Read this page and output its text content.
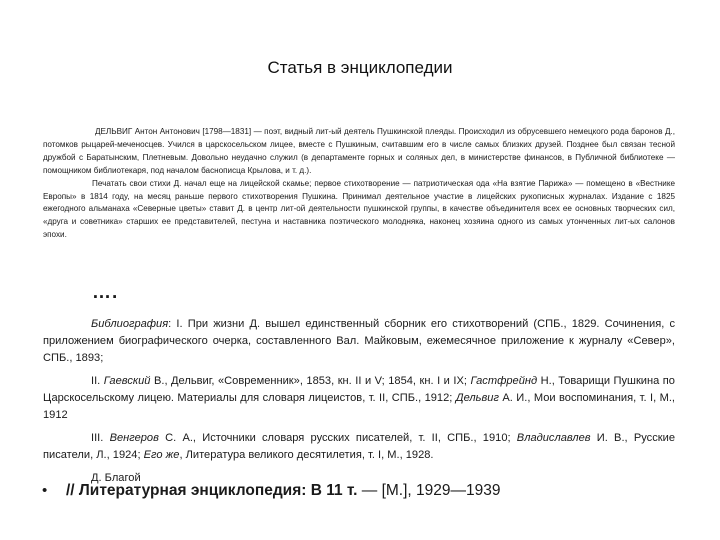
Статья в энциклопедии

ДЕЛЬВИГ Антон Антонович [1798—1831] — поэт, видный лит-ый деятель Пушкинской плеяды. Происходил из обрусевшего немецкого рода баронов Д., потомков рыцарей-меченосцев. Учился в царскосельском лицее, вместе с Пушкиным, считавшим его в числе самых близких друзей. Позднее был связан тесной дружбой с Баратынским, Плетневым. Довольно неудачно служил (в департаменте горных и соляных дел, в министерстве финансов, в Публичной библиотеке — помощником библиотекаря, под началом баснописца Крылова, и т. д.).

Печатать свои стихи Д. начал еще на лицейской скамье; первое стихотворение — патриотическая ода «На взятие Парижа» — помещено в «Вестнике Европы» в 1814 году, на месяц раньше первого стихотворения Пушкина. Принимал деятельное участие в лицейских рукописных журналах. Издание с 1825 ежегодного альманаха «Северные цветы» ставит Д. в центр лит-ой деятельности пушкинской группы, в качестве объединителя всех ее основных творческих сил, «друга и советника» старших ее представителей, пестуна и наставника поэтического молодняка, наконец хозяина одного из самых утонченных лит-ых салонов эпохи.

….

Библиография: I. При жизни Д. вышел единственный сборник его стихотворений (СПБ., 1829. Сочинения, с приложением биографического очерка, составленного Вал. Майковым, ежемесячное приложение к журналу «Север», СПБ., 1893;

II. Гаевский В., Дельвиг, «Современник», 1853, кн. II и V; 1854, кн. I и IX; Гастфрейнд Н., Товарищи Пушкина по Царскосельскому лицею. Материалы для словаря лицеистов, т. II, СПБ., 1912; Дельвиг А. И., Мои воспоминания, т. I, М., 1912

III. Венгеров С. А., Источники словаря русских писателей, т. II, СПБ., 1910; Владиславлев И. В., Русские писатели, Л., 1924; Его же, Литература великого десятилетия, т. I, М., 1928.

Д. Благой

• // Литературная энциклопедия: В 11 т. — [М.], 1929—1939
